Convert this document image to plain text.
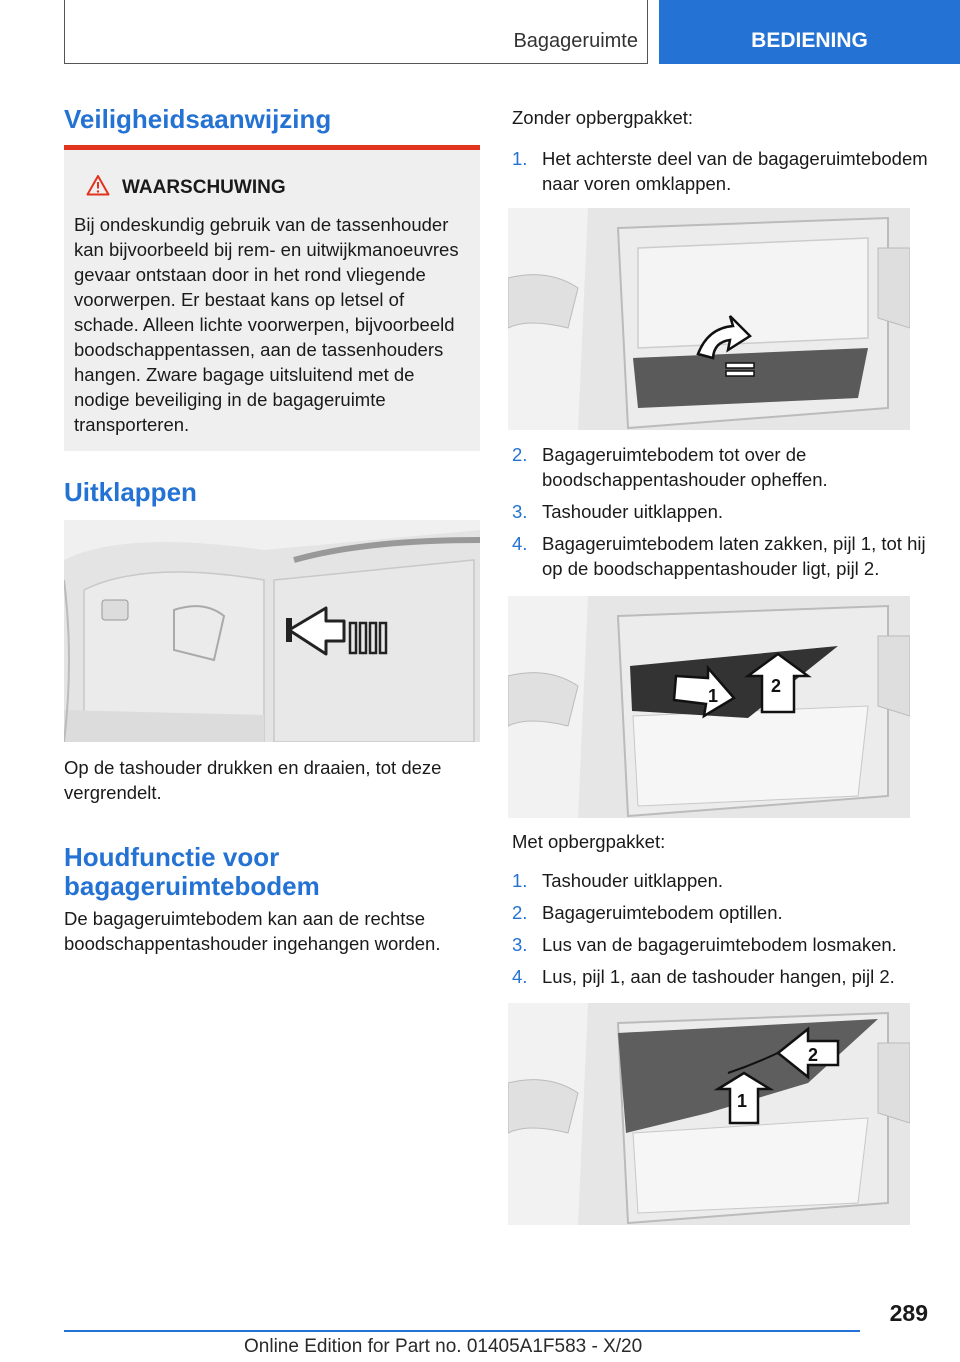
Bagageruimte	BEDIENING
Veiligheidsaanwijzing
WAARSCHUWING
Bij ondeskundig gebruik van de tassenhouder kan bijvoorbeeld bij rem- en uitwijkmanoeuvres gevaar ontstaan door in het rond vliegende voorwerpen. Er bestaat kans op letsel of schade. Alleen lichte voorwerpen, bijvoorbeeld boodschappentassen, aan de tassenhouders hangen. Zware bagage uitsluitend met de nodige beveiliging in de bagageruimte transporteren.
Uitklappen

Op de tashouder drukken en draaien, tot deze vergrendelt.

Houdfunctie voor
bagageruimtebodem

De bagageruimtebodem kan aan de rechtse boodschappentashouder ingehangen worden.

Zonder opbergpakket:

1. Het achterste deel van de bagageruimtebodem naar voren omklappen.
2. Bagageruimtebodem tot over de boodschappentashouder opheffen.
3. Tashouder uitklappen.
4. Bagageruimtebodem laten zakken, pijl 1, tot hij op de boodschappentashouder ligt, pijl 2.
1	2

Met opbergpakket:

1. Tashouder uitklappen.
2. Bagageruimtebodem optillen.
3. Lus van de bagageruimtebodem losmaken.
4. Lus, pijl 1, aan de tashouder hangen, pijl 2.
1
2
289
Online Edition for Part no. 01405A1F583 - X/20
